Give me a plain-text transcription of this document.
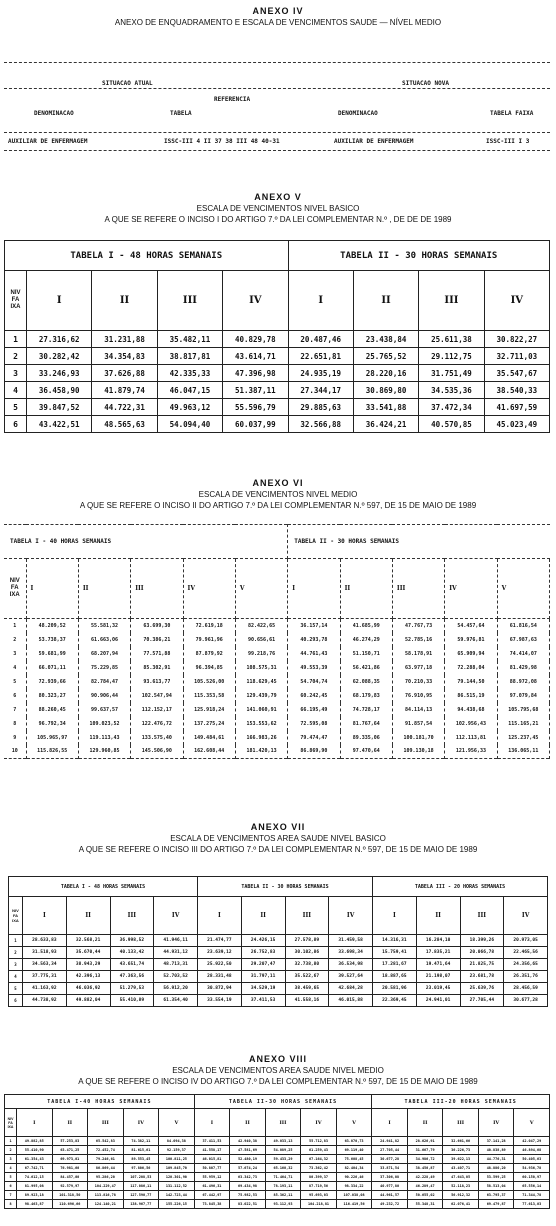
ANEXO IV
ANEXO DE ENQUADRAMENTO E ESCALA DE VENCIMENTOS SAUDE — NÍVEL MEDIO
SITUACAO ATUAL	SITUACAO NOVA
DENOMINACAO	TABELA
REFERENCIA
DENOMINACAO	TABELA FAIXA
AUXILIAR DE ENFERMAGEM	ISSC-III 4 II 37 38 III 48 40-31	AUXILIAR DE ENFERMAGEM	ISSC-III I 3
ANEXO V
ESCALA DE VENCIMENTOS NIVEL BASICO
A QUE SE REFERE O INCISO I DO ARTIGO 7.º DA LEI COMPLEMENTAR N.º , DE DE DE 1989
TABELA I - 48 HORAS SEMANAIS					TABELA II - 30 HORAS SEMANAIS			

NIV
FA
IXA	I	II	III	IV	I	II	III	IV
1	27.316,62	31.231,88	35.482,11	40.829,78	20.487,46	23.438,84	25.611,38	30.822,27
2	30.282,42	34.354,83	38.817,81	43.614,71	22.651,81	25.765,52	29.112,75	32.711,03
3	33.246,93	37.626,88	42.335,33	47.396,98	24.935,19	28.220,16	31.751,49	35.547,67
4	36.458,90	41.879,74	46.047,15	51.387,11	27.344,17	30.869,80	34.535,36	38.540,33
5	39.847,52	44.722,31	49.963,12	55.596,79	29.885,63	33.541,88	37.472,34	41.697,59
6	43.422,51	48.565,63	54.094,40	60.037,99	32.566,88	36.424,21	40.570,85	45.023,49
ANEXO VI
ESCALA DE VENCIMENTOS NIVEL MEDIO
A QUE SE REFERE O INCISO II DO ARTIGO 7.º DA LEI COMPLEMENTAR N.º 597, DE 15 DE MAIO DE 1989
TABELA I - 40 HORAS SEMANAIS						TABELA II - 30 HORAS SEMANAIS				

NIV
FA
IXA	I	II	III	IV	V	I	II	III	IV	V
1	48.209,52	55.581,32	63.699,30	72.619,18	82.422,65	36.157,14	41.685,99	47.767,73	54.457,64	61.816,54
2	53.738,37	61.663,06	70.386,21	79.961,96	90.656,61	40.293,78	46.274,29	52.785,16	59.976,81	67.987,63
3	59.681,99	68.207,94	77.571,88	87.879,92	99.218,76	44.761,43	51.150,71	58.178,91	65.909,94	74.414,07
4	66.071,11	75.229,85	85.302,91	96.394,85	108.575,31	49.553,39	56.421,86	63.977,18	72.288,04	81.429,98
5	72.939,66	82.784,47	93.613,77	105.526,00	118.629,45	54.704,74	62.088,35	70.210,33	79.144,50	88.972,08
6	80.323,27	90.906,44	102.547,94	115.353,58	129.439,79	60.242,45	68.179,83	76.910,95	86.515,19	97.079,84
7	88.260,45	99.637,57	112.152,17	125.918,24	141.060,91	66.195,49	74.728,17	84.114,13	94.438,68	105.795,68
8	96.792,34	109.023,52	122.476,72	137.275,24	153.553,62	72.595,08	81.767,64	91.857,54	102.956,43	115.165,21
9	105.965,97	119.113,43	133.575,40	149.484,61	166.983,26	79.474,47	89.335,06	100.181,70	112.113,81	125.237,45
10	115.826,55	129.960,85	145.506,90	162.608,44	181.420,13	86.869,90	97.470,64	109.130,18	121.956,33	136.065,11
ANEXO VII
ESCALA DE VENCIMENTOS AREA SAUDE NIVEL BASICO
A QUE SE REFERE O INCISO III DO ARTIGO 7.º DA LEI COMPLEMENTAR N.º 597, DE 15 DE MAIO DE 1989
TABELA I - 48 HORAS SEMANAIS					TABELA II - 30 HORAS SEMANAIS				TABELA III - 20 HORAS SEMANAIS			

NIV
FA
IXA	I	II	III	IV	I	II	III	IV	I	II	III	IV
1	28.633,83	32.568,21	36.998,52	41.946,11	21.474,77	24.426,15	27.578,89	31.459,58	14.316,31	16.284,10	18.399,26	20.973,05
2	31.518,93	35.670,44	40.133,42	44.931,12	23.639,12	26.752,83	30.102,86	33.698,34	15.759,41	17.835,21	20.066,78	22.465,56
3	34.563,34	38.943,29	43.651,74	48.713,31	25.922,50	29.207,47	32.738,80	36.534,98	17.281,67	19.471,64	21.825,75	24.356,65
4	37.775,31	42.396,13	47.363,56	52.703,52	28.331,48	31.797,11	35.522,67	39.527,64	18.887,65	21.198,07	23.681,78	26.351,76
5	41.163,92	46.036,92	51.279,53	56.912,20	30.872,94	34.529,19	38.459,65	42.684,28	20.581,96	23.019,45	25.639,76	28.456,59
6	44.738,92	49.882,04	55.410,89	61.354,40	33.554,19	37.411,53	41.558,16	46.015,88	22.369,45	24.941,01	27.705,44	30.677,28
ANEXO VIII
ESCALA DE VENCIMENTOS AREA SAUDE NIVEL MEDIO
A QUE SE REFERE O INCISO IV DO ARTIGO 7.º DA LEI COMPLEMENTAR N.º 597, DE 15 DE MAIO DE 1989
TABELA I-40 HORAS SEMANAIS						TABELA II-30 HORAS SEMANAIS					TABELA III-20 HORAS SEMANAIS				

NIV
FA
IXA	I	II	III	IV	V	I	II	III	IV	V	I	II	III	IV	V
1	49.882,85	57.253,83	65.542,83	74.382,11	84.094,38	37.411,53	42.940,38	49.033,13	55.712,83	63.070,73	24.941,82	28.626,91	32.661,66	37.141,28	42.047,29
2	55.410,90	63.471,25	72.452,74	81.615,61	92.159,37	41.558,17	47.581,69	54.089,25	61.259,43	69.119,40	27.705,44	31.667,79	36.226,73	40.838,89	46.894,68
3	61.354,43	69.973,01	79.246,61	89.553,45	100.811,25	46.015,81	52.480,19	59.433,29	67.164,32	75.608,45	30.677,28	34.986,72	39.622,13	44.776,31	50.405,63
4	67.742,71	76.981,60	86.869,44	97.806,56	109.845,70	50.807,77	57.674,24	65.160,32	73.362,42	82.404,34	33.871,54	38.450,87	43.407,71	48.880,20	54.936,78
5	74.612,15	84.457,00	95.286,20	107.208,53	120.301,90	55.959,12	63.342,73	71.464,71	80.399,37	90.226,46	37.306,08	42.228,49	47.643,05	53.599,25	60.150,97
6	81.995,08	92.579,97	104.229,47	117.086,11	131.112,52	61.496,31	69.434,98	78.193,11	87.719,56	98.334,22	40.977,80	46.289,47	52.118,23	58.513,04	65.556,14
7	89.923,18	101.318,50	113.816,78	127.590,77	142.723,44	67.442,97	75.982,53	85.362,11	95.693,03	107.038,08	44.961,57	50.655,02	56.912,32	63.795,37	71.344,78
8	98.463,87	110.696,66	124.140,21	138.967,77	155.226,15	73.845,38	83.022,51	93.112,93	104.218,81	116.419,56	49.232,72	55.348,31	62.076,41	69.479,87	77.613,03
